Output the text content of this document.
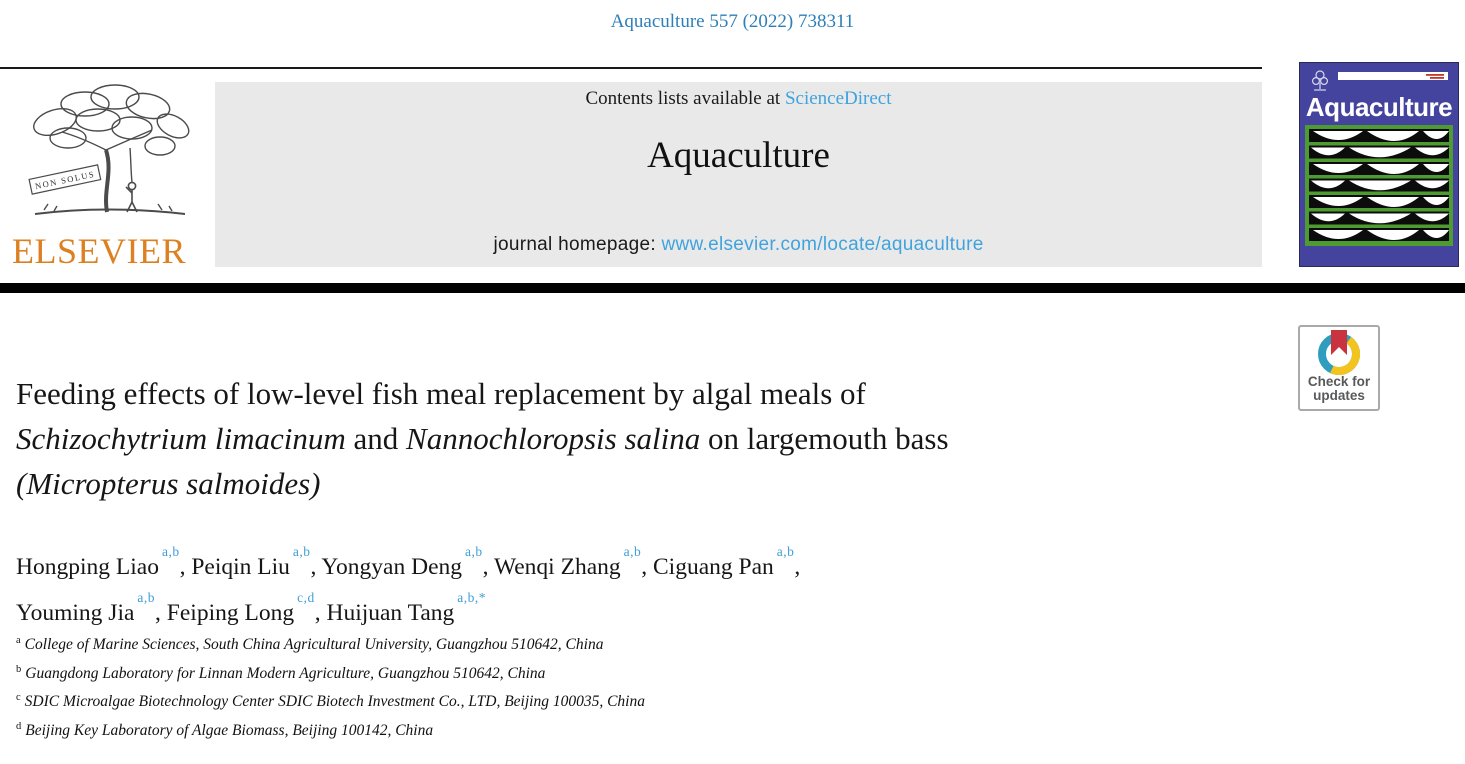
Aquaculture 557 (2022) 738311
NON SOLUS
ELSEVIER
Contents lists available at ScienceDirect
Aquaculture
journal homepage: www.elsevier.com/locate/aquaculture
Aquaculture
Check for
updates
Feeding effects of low-level fish meal replacement by algal meals of
Schizochytrium limacinum and Nannochloropsis salina on largemouth bass
(Micropterus salmoides)
Hongping Liao$^{a,b}$, Peiqin Liu$^{a,b}$, Yongyan Deng$^{a,b}$, Wenqi Zhang$^{a,b}$, Ciguang Pan$^{a,b}$,
Youming Jia$^{a,b}$, Feiping Long$^{c,d}$, Huijuan Tang$^{a,b,*}$
$^a$ College of Marine Sciences, South China Agricultural University, Guangzhou 510642, China
$^b$ Guangdong Laboratory for Linnan Modern Agriculture, Guangzhou 510642, China
$^c$ SDIC Microalgae Biotechnology Center SDIC Biotech Investment Co., LTD, Beijing 100035, China
$^d$ Beijing Key Laboratory of Algae Biomass, Beijing 100142, China
